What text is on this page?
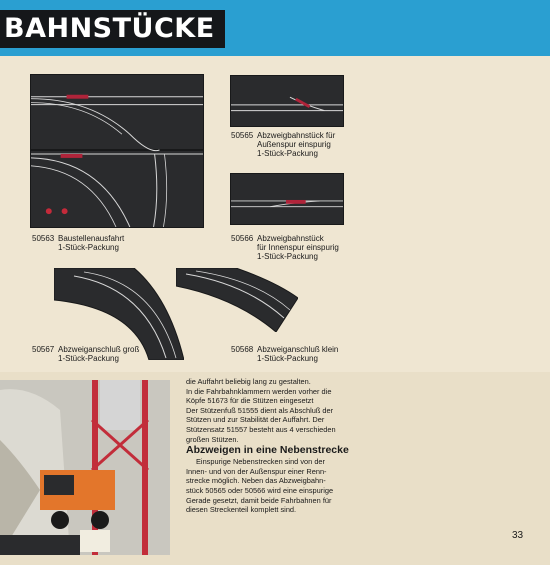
BAHNSTÜCKE
50563 Baustellenausfahrt
1-Stück-Packung
50565 Abzweigbahnstück für
Außenspur einspurig
1-Stück-Packung
50566 Abzweigbahnstück
für Innenspur einspurig
1-Stück-Packung
50567 Abzweiganschluß groß
1-Stück-Packung
50568 Abzweiganschluß klein
1-Stück-Packung

die Auffahrt beliebig lang zu gestalten.

In die Fahrbahnklammern werden vorher die

Köpfe 51673 für die Stützen eingesetzt

Der Stützenfuß 51555 dient als Abschluß der

Stützen und zur Stabilität der Auffahrt. Der

Stützensatz 51557 besteht aus 4 verschieden

großen Stützen.

Abzweigen in eine Nebenstrecke

Einspurige Nebenstrecken sind von der

Innen- und von der Außenspur einer Renn-

strecke möglich. Neben das Abzweigbahn-

stück 50565 oder 50566 wird eine einspurige

Gerade gesetzt, damit beide Fahrbahnen für

diesen Streckenteil komplett sind.

33
